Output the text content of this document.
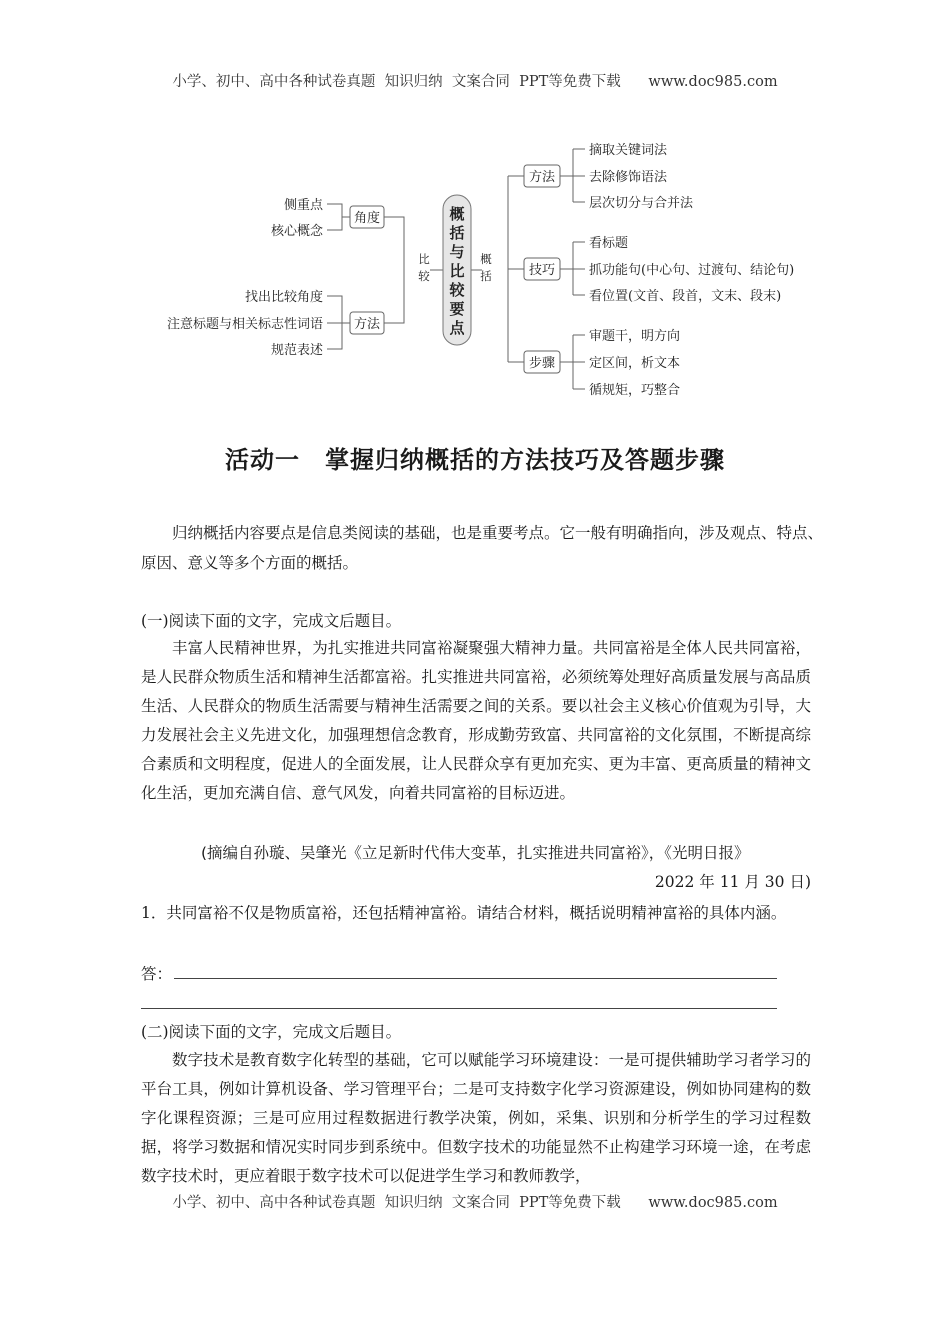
小学、初中、高中各种试卷真题  知识归纳  文案合同  PPT等免费下载 www.doc985.com
概
括
与
比
较
要
点
比
较
概
括
角度
方法
侧重点
核心概念
找出比较角度
注意标题与相关标志性词语
规范表述
方法
技巧
步骤
摘取关键词法
去除修饰语法
层次切分与合并法
看标题
抓功能句(中心句、过渡句、结论句)
看位置(文首、段首，文末、段末)
审题干，明方向
定区间，析文本
循规矩，巧整合
活动一　掌握归纳概括的方法技巧及答题步骤
归纳概括内容要点是信息类阅读的基础，也是重要考点。它一般有明确指向，涉及观点、特点、原因、意义等多个方面的概括。
(一)阅读下面的文字，完成文后题目。
丰富人民精神世界，为扎实推进共同富裕凝聚强大精神力量。共同富裕是全体人民共同富裕，是人民群众物质生活和精神生活都富裕。扎实推进共同富裕，必须统筹处理好高质量发展与高品质生活、人民群众的物质生活需要与精神生活需要之间的关系。要以社会主义核心价值观为引导，大力发展社会主义先进文化，加强理想信念教育，形成勤劳致富、共同富裕的文化氛围，不断提高综合素质和文明程度，促进人的全面发展，让人民群众享有更加充实、更为丰富、更高质量的精神文化生活，更加充满自信、意气风发，向着共同富裕的目标迈进。
(摘编自孙璇、吴肇光《立足新时代伟大变革，扎实推进共同富裕》，《光明日报》
2022 年 11 月 30 日)
1．共同富裕不仅是物质富裕，还包括精神富裕。请结合材料，概括说明精神富裕的具体内涵。
答：
(二)阅读下面的文字，完成文后题目。
数字技术是教育数字化转型的基础，它可以赋能学习环境建设：一是可提供辅助学习者学习的平台工具，例如计算机设备、学习管理平台；二是可支持数字化学习资源建设，例如协同建构的数字化课程资源；三是可应用过程数据进行教学决策，例如，采集、识别和分析学生的学习过程数据，将学习数据和情况实时同步到系统中。但数字技术的功能显然不止构建学习环境一途，在考虑数字技术时，更应着眼于数字技术可以促进学生学习和教师教学，
小学、初中、高中各种试卷真题  知识归纳  文案合同  PPT等免费下载 www.doc985.com
